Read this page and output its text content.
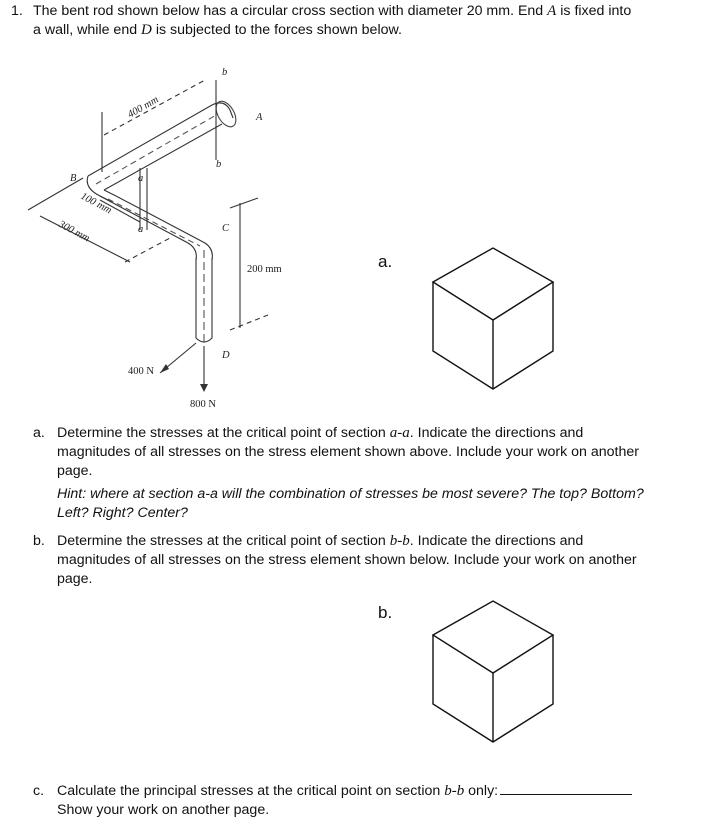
1. The bent rod shown below has a circular cross section with diameter 20 mm. End A is fixed into
a wall, while end D is subjected to the forces shown below.
400 mm
100 mm
300 mm
200 mm
A
B
C
D
a
a
b
b
400 N
800 N
a.
a. Determine the stresses at the critical point of section a-a. Indicate the directions and
magnitudes of all stresses on the stress element shown above. Include your work on another
page.
Hint: where at section a-a will the combination of stresses be most severe? The top? Bottom?
Left? Right? Center?
b. Determine the stresses at the critical point of section b-b. Indicate the directions and
magnitudes of all stresses on the stress element shown below. Include your work on another
page.
b.
c. Calculate the principal stresses at the critical point on section b-b only:
Show your work on another page.
